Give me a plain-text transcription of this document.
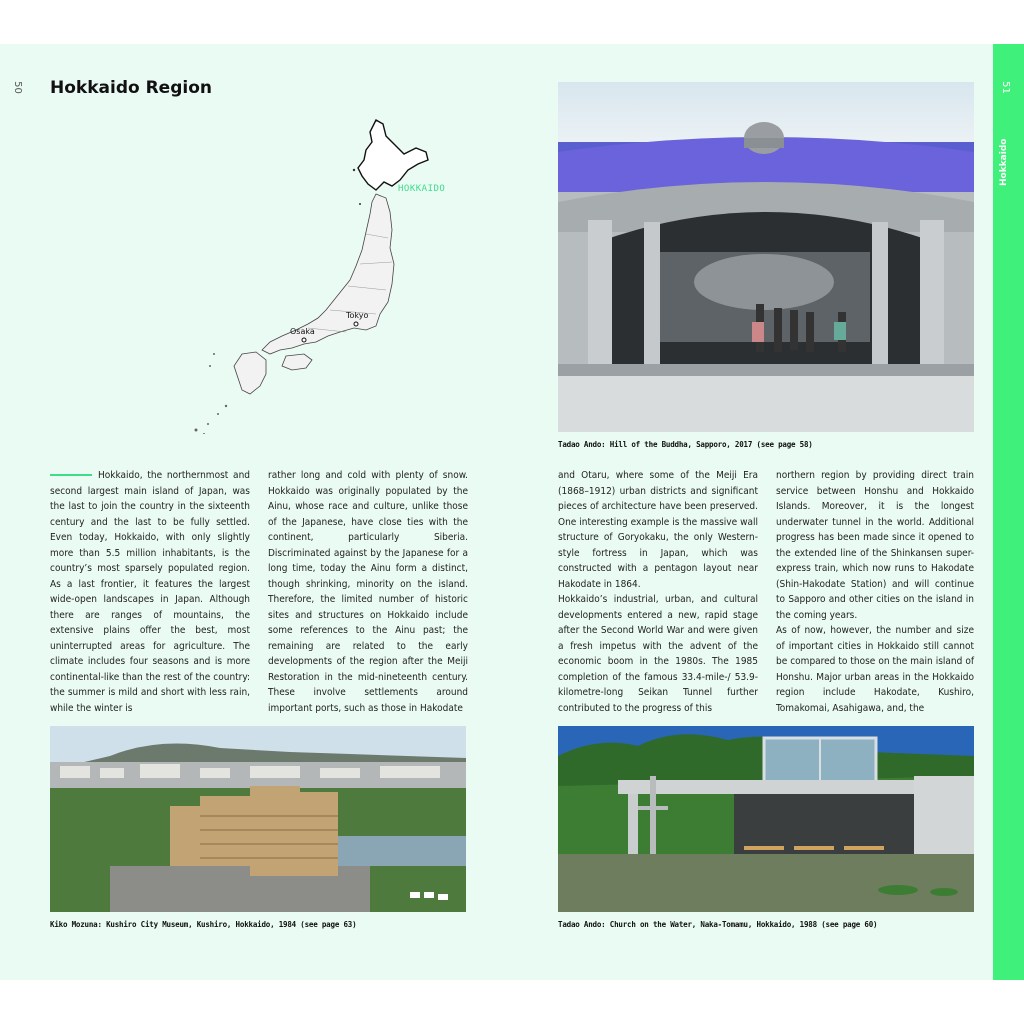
50 Hokkaido Region
Tokyo
Osaka
HOKKAIDO
Tadao Ando: Hill of the Buddha, Sapporo, 2017 (see page 58)

Hokkaido, the northernmost and second largest main island of Japan, was the last to join the country in the sixteenth century and the last to be fully settled. Even today, Hokkaido, with only slightly more than 5.5 million inhabitants, is the country’s most sparsely populated region. As a last frontier, it features the largest wide-open landscapes in Japan. Although there are ranges of mountains, the extensive plains offer the best, most uninterrupted areas for agriculture. The climate includes four seasons and is more continental-like than the rest of the country: the summer is mild and short with less rain, while the winter is

rather long and cold with plenty of snow. Hokkaido was originally populated by the Ainu, whose race and culture, unlike those of the Japanese, have close ties with the continent, particularly Siberia. Discriminated against by the Japanese for a long time, today the Ainu form a distinct, though shrinking, minority on the island. Therefore, the limited number of historic sites and structures on Hokkaido include some references to the Ainu past; the remaining are related to the early developments of the region after the Meiji Restoration in the mid-nineteenth century. These involve settlements around important ports, such as those in Hakodate

and Otaru, where some of the Meiji Era (1868–1912) urban districts and significant pieces of architecture have been preserved. One interesting example is the massive wall structure of Goryokaku, the only Western-style fortress in Japan, which was constructed with a pentagon layout near Hakodate in 1864.

Hokkaido’s industrial, urban, and cultural developments entered a new, rapid stage after the Second World War and were given a fresh impetus with the advent of the economic boom in the 1980s. The 1985 completion of the famous 33.4-mile-/ 53.9-kilometre-long Seikan Tunnel further contributed to the progress of this

northern region by providing direct train service between Honshu and Hokkaido Islands. Moreover, it is the longest underwater tunnel in the world. Additional progress has been made since it opened to the extended line of the Shinkansen super-express train, which now runs to Hakodate (Shin-Hakodate Station) and will continue to Sapporo and other cities on the island in the coming years.

As of now, however, the number and size of important cities in Hokkaido still cannot be compared to those on the main island of Honshu. Major urban areas in the Hokkaido region include Hakodate, Kushiro, Tomakomai, Asahigawa, and, the

Kiko Mozuna: Kushiro City Museum, Kushiro, Hokkaido, 1984 (see page 63)	Tadao Ando: Church on the Water, Naka-Tomamu, Hokkaido, 1988 (see page 60)
51
Hokkaido
